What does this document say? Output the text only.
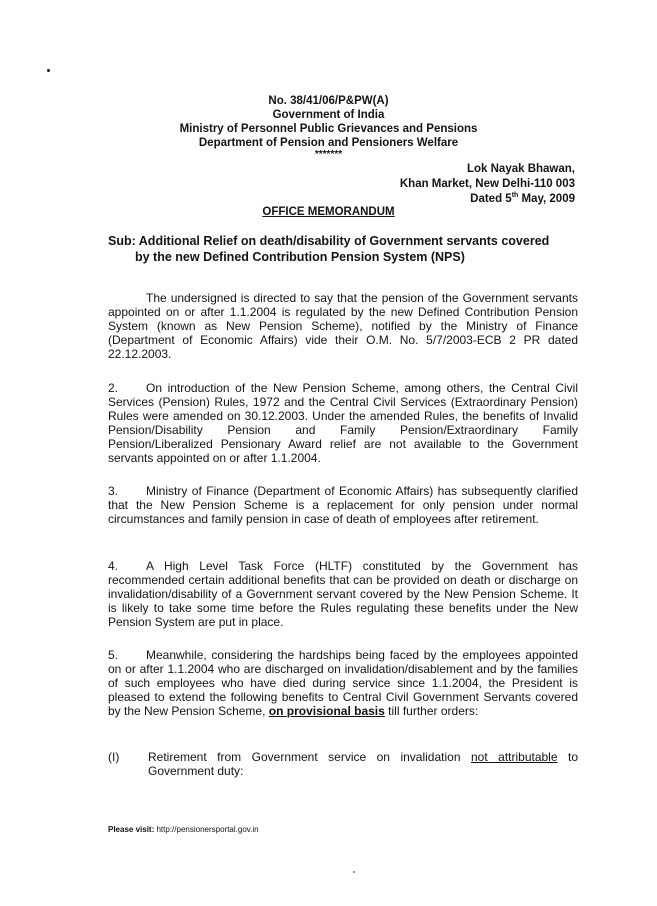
No. 38/41/06/P&PW(A)
Government of India
Ministry of Personnel Public Grievances and Pensions
Department of Pension and Pensioners Welfare
*******
Lok Nayak Bhawan,
Khan Market, New Delhi-110 003
Dated 5th May, 2009
OFFICE MEMORANDUM
Sub: Additional Relief on death/disability of Government servants covered
by the new Defined Contribution Pension System (NPS)
The undersigned is directed to say that the pension of the Government servants appointed on or after 1.1.2004 is regulated by the new Defined Contribution Pension System (known as New Pension Scheme), notified by the Ministry of Finance (Department of Economic Affairs) vide their O.M. No. 5/7/2003-ECB 2 PR dated 22.12.2003.
2. On introduction of the New Pension Scheme, among others, the Central Civil Services (Pension) Rules, 1972 and the Central Civil Services (Extraordinary Pension) Rules were amended on 30.12.2003. Under the amended Rules, the benefits of Invalid Pension/Disability Pension and Family Pension/Extraordinary Family Pension/Liberalized Pensionary Award relief are not available to the Government servants appointed on or after 1.1.2004.
3. Ministry of Finance (Department of Economic Affairs) has subsequently clarified that the New Pension Scheme is a replacement for only pension under normal circumstances and family pension in case of death of employees after retirement.
4. A High Level Task Force (HLTF) constituted by the Government has recommended certain additional benefits that can be provided on death or discharge on invalidation/disability of a Government servant covered by the New Pension Scheme. It is likely to take some time before the Rules regulating these benefits under the New Pension System are put in place.
5. Meanwhile, considering the hardships being faced by the employees appointed on or after 1.1.2004 who are discharged on invalidation/disablement and by the families of such employees who have died during service since 1.1.2004, the President is pleased to extend the following benefits to Central Civil Government Servants covered by the New Pension Scheme, on provisional basis till further orders:
(I) Retirement from Government service on invalidation not attributable to Government duty:
Please visit: http://pensionersportal.gov.in
